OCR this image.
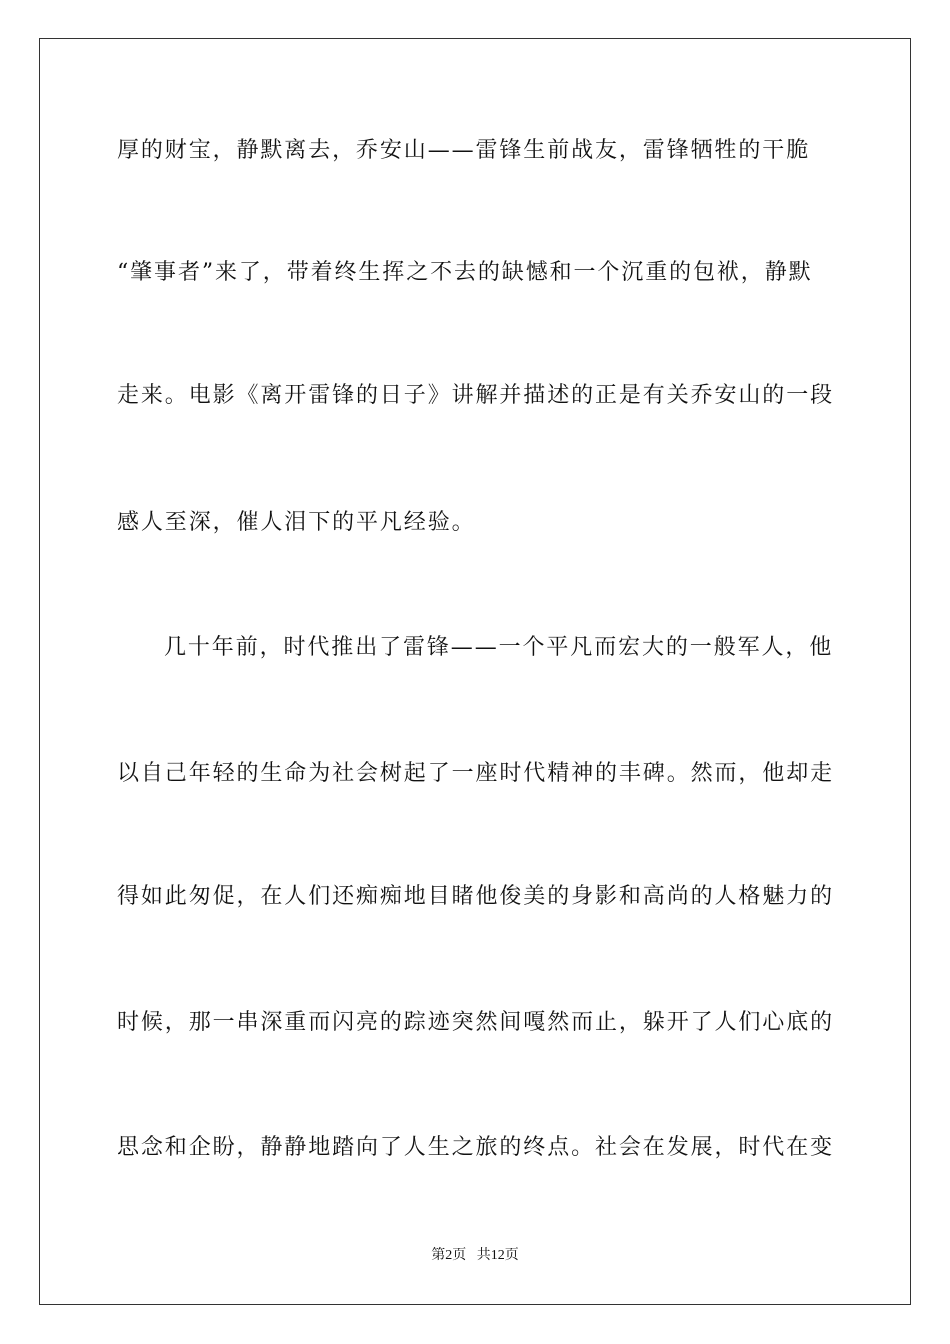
厚的财宝，静默离去，乔安山——雷锋生前战友，雷锋牺牲的干脆
“肇事者”来了，带着终生挥之不去的缺憾和一个沉重的包袱，静默
走来。电影《离开雷锋的日子》讲解并描述的正是有关乔安山的一段
感人至深，催人泪下的平凡经验。
几十年前，时代推出了雷锋——一个平凡而宏大的一般军人，他
以自己年轻的生命为社会树起了一座时代精神的丰碑。然而，他却走
得如此匆促，在人们还痴痴地目睹他俊美的身影和高尚的人格魅力的
时候，那一串深重而闪亮的踪迹突然间嘎然而止，躲开了人们心底的
思念和企盼，静静地踏向了人生之旅的终点。社会在发展，时代在变
第2页 共12页
